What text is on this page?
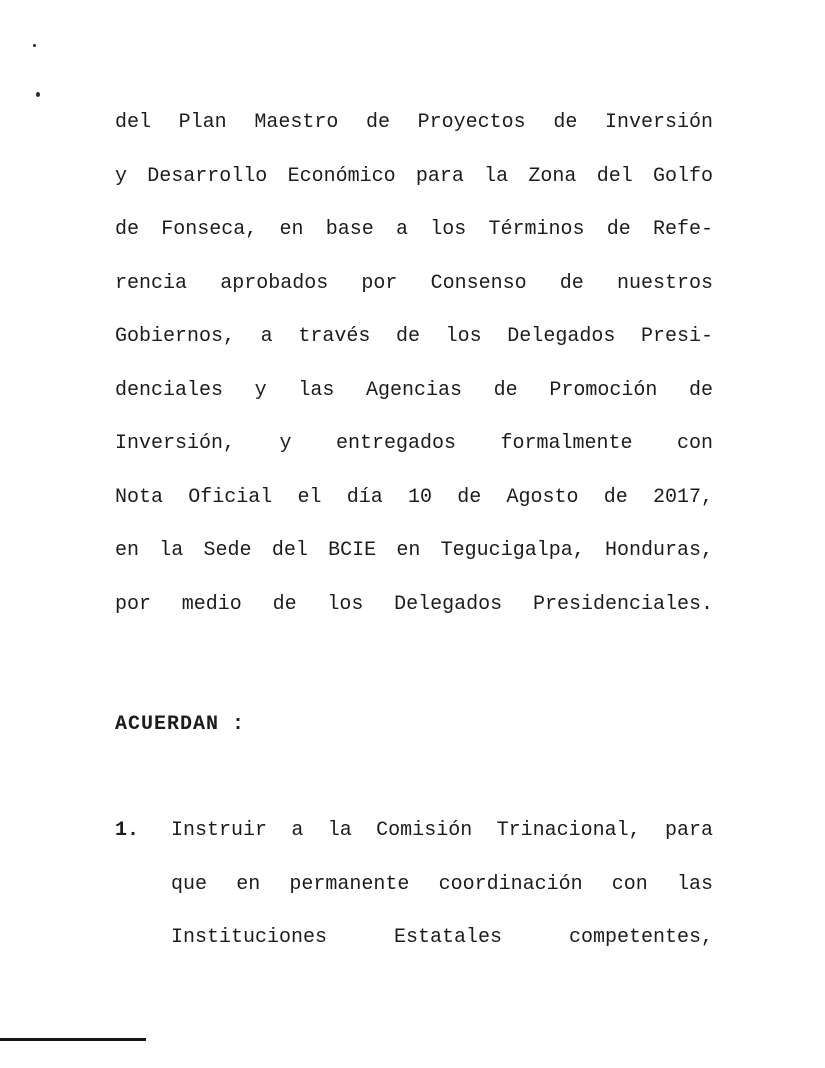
del Plan Maestro de Proyectos de Inversión
y Desarrollo Económico para la Zona del Golfo
de Fonseca, en base a los Términos de Refe-
rencia aprobados por Consenso de nuestros
Gobiernos, a través de los Delegados Presi-
denciales y las Agencias de Promoción de
Inversión, y entregados formalmente con
Nota Oficial el día 10 de Agosto de 2017,
en la Sede del BCIE en Tegucigalpa, Honduras,
por medio de los Delegados Presidenciales.
ACUERDAN :
1.	Instruir a la Comisión Trinacional, para
que en permanente coordinación con las
Instituciones Estatales competentes,
